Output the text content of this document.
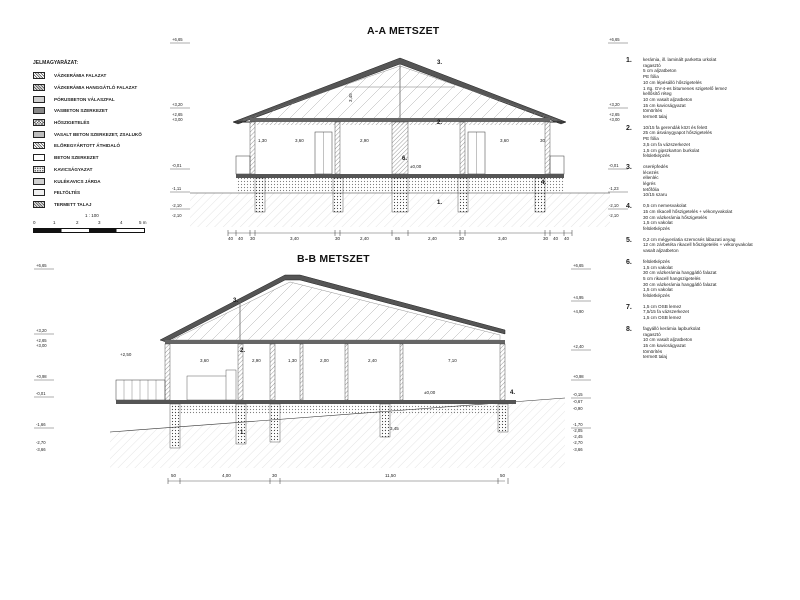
A-A METSZET
B-B METSZET
JELMAGYARÁZAT:
VÁZKERÁMIA FALAZAT
VÁZKERÁMIA HANGGÁTLÓ FALAZAT
PÓRUSBETON VÁLASZFAL
VASBETON SZERKEZET
HŐSZIGETELÉS
VASALT BETON SZERKEZET, ZSALUKŐ
ELŐREGYÁRTOTT ÁTHIDALÓ
BETON SZERKEZET
KAVICSÁGYAZAT
KULÉKAVICS JÁRDA
FELTÖLTÉS
TERMETT TALAJ
1 : 100
0	1	2	3	4	5 m
40 40 30	3,40	30	2,40	65	2,40	30	3,40	30 40 40
3,60	2,90	3,60
1,30
±0,00
30
3,45
1.
2.
3.
4.
6.
+6,65
+3,20
+2,65
+3,00
-0,01
-1,11
-2,10
-2,10
+6,65
+3,20
+2,65
+3,00
-0,01
-1,23
-2,10
-2,10
3,60	2,90	1,30	2,00	2,40	7,10
+2,50
±0,00
3,45
1.
2.
3.
4.
50	4,00	30	11,50	50
+6,65
+3,20
+2,65
+3,00
+0,98
-0,01
-1,66
-2,70
-3,66
+6,65
+4,95
+4,90
+2,40
+0,98
-0,15
-0,67
-0,90
-1,70
-2,05
-2,45
-2,70
-3,66
1. kerámia, ill. laminált parketta urkolat
ragasztó
5 cm aljzatbeton
PE fólia
10 cm lépésálló hőszigetelés
1 rtg. GV-4-es bitumenes szigetelő lemez
kellősítő réteg
10 cm vasalt aljzatbeton
15 cm kavicságyazat
tömörítés
termett talaj
2. 10/15 fa gerendák közt és felett
25 cm ásványgyapot hőszigetelés
PE fólia
3,5 cm fa vázszerkezet
1,5 cm gipszkarton burkolat
felületképzés
3. cserépfedés
lécezés
ellenléc
légrés
tetőfólia
10/15 szaru
4. 0,5 cm nemesvakolat
15 cm rikacell hőszigetelés + vékonyvakolat
30 cm vázkerámia hőszigetelés
1,5 cm vakolat
felületképzés
5. 0,2 cm mégyenlatia szemcsés lábazati anyag
12 cm zárbetéta rikacell hőszigetelés + vékonyvakolat
vasalt aljzatbeton
6. felületképzés
1,5 cm vakolat
30 cm vázkerámia hanggátló falazat
5 cm rikacell hangszigetelés
30 cm vázkerámia hanggátló falazat
1,5 cm vakolat
felületképzés
7. 1,5 cm OSB lemez
7,5/15 fa vázszerkezet
1,5 cm OSB lemez
8. fagyálló kerámia lapburkolat
ragasztó
10 cm vasalt aljzatbeton
15 cm kavicságyazat
tömörítés
termett talaj
